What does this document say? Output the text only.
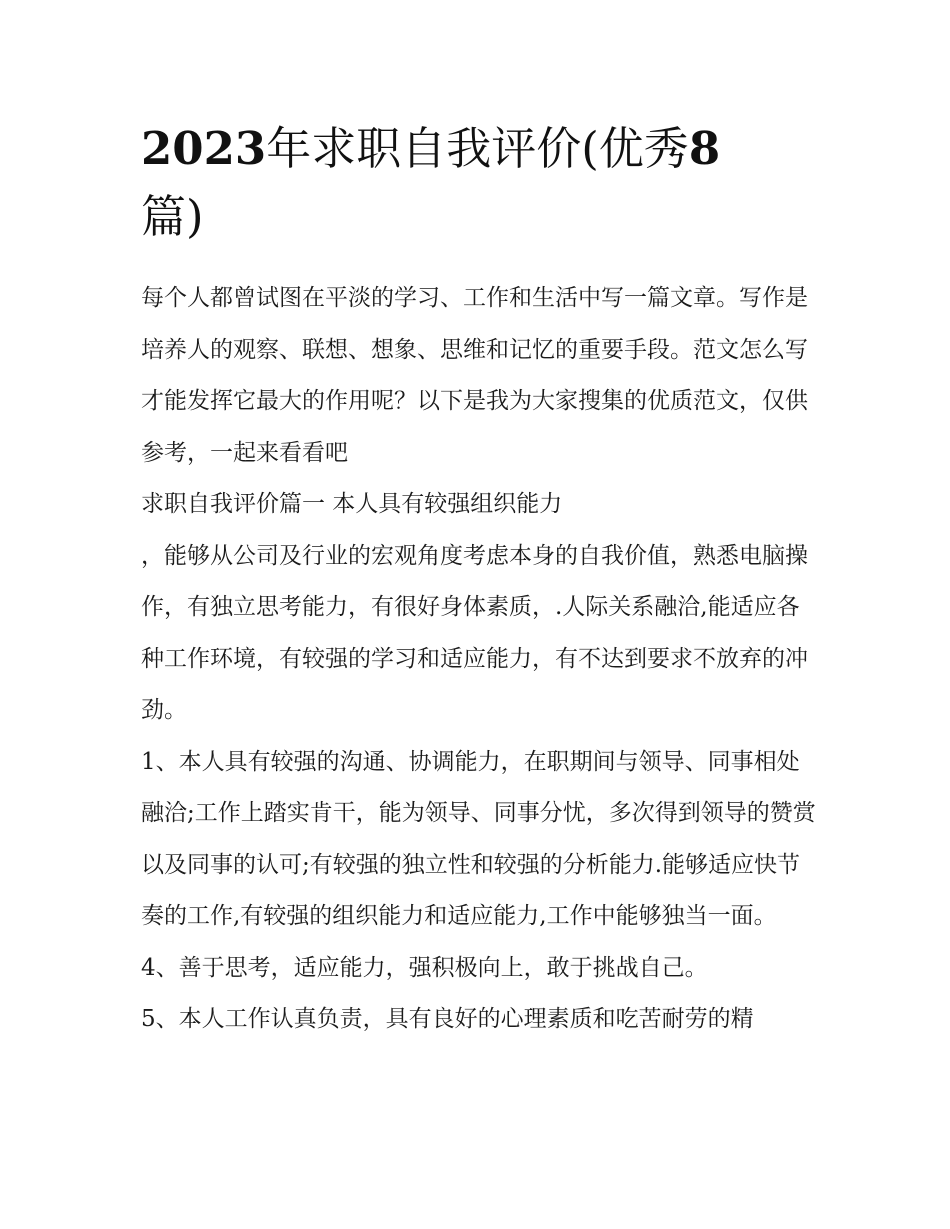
2023年求职自我评价(优秀8
篇)

每个人都曾试图在平淡的学习、工作和生活中写一篇文章。写作是培养人的观察、联想、想象、思维和记忆的重要手段。范文怎么写才能发挥它最大的作用呢？以下是我为大家搜集的优质范文，仅供参考，一起来看看吧

求职自我评价篇一 本人具有较强组织能力

，能够从公司及行业的宏观角度考虑本身的自我价值，熟悉电脑操作，有独立思考能力，有很好身体素质，.人际关系融洽,能适应各种工作环境，有较强的学习和适应能力，有不达到要求不放弃的冲劲。

1、本人具有较强的沟通、协调能力，在职期间与领导、同事相处融洽;工作上踏实肯干，能为领导、同事分忧，多次得到领导的赞赏以及同事的认可;有较强的独立性和较强的分析能力.能够适应快节奏的工作,有较强的组织能力和适应能力,工作中能够独当一面。

4、善于思考，适应能力，强积极向上，敢于挑战自己。

5、本人工作认真负责，具有良好的心理素质和吃苦耐劳的精
